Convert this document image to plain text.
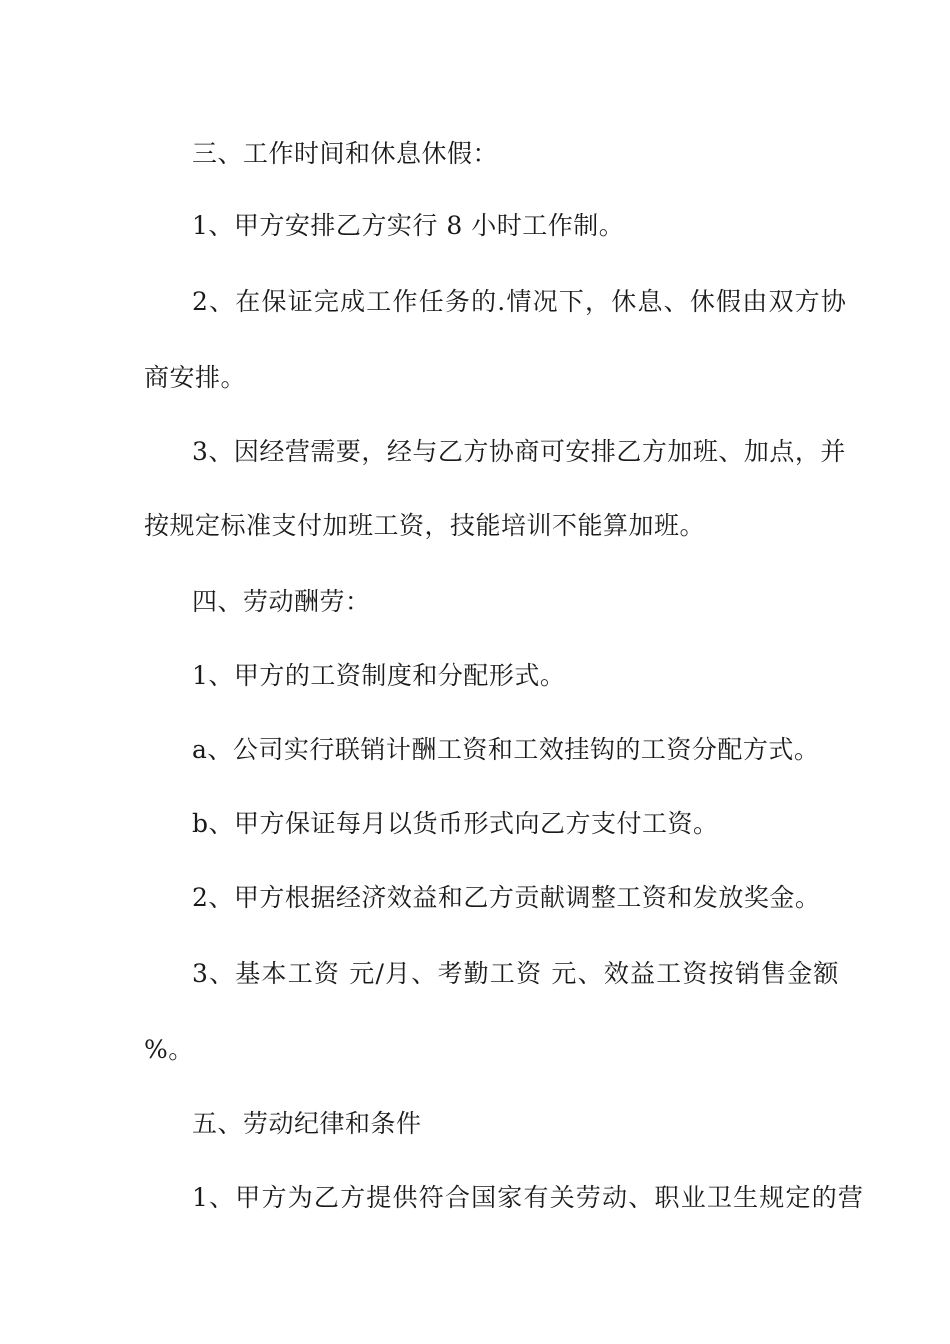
三、工作时间和休息休假：

1、甲方安排乙方实行 8 小时工作制。

2、在保证完成工作任务的.情况下，休息、休假由双方协

商安排。

3、因经营需要，经与乙方协商可安排乙方加班、加点，并

按规定标准支付加班工资，技能培训不能算加班。

四、劳动酬劳：

1、甲方的工资制度和分配形式。

a、公司实行联销计酬工资和工效挂钩的工资分配方式。

b、甲方保证每月以货币形式向乙方支付工资。

2、甲方根据经济效益和乙方贡献调整工资和发放奖金。

3、基本工资 元/月、考勤工资 元、效益工资按销售金额

%。

五、劳动纪律和条件

1、甲方为乙方提供符合国家有关劳动、职业卫生规定的营
